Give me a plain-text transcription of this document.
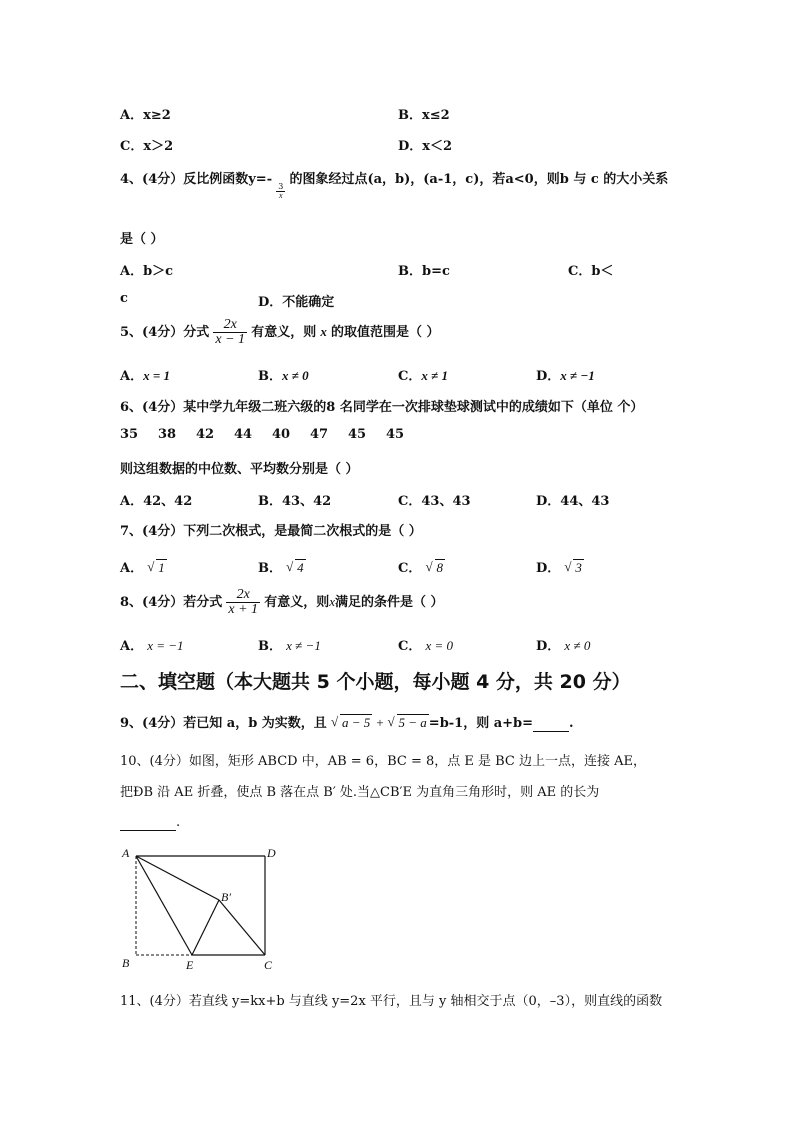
A．x≥2	B．x≤2
C．x＞2	D．x＜2
4、(4分）反比例函数y=-
$\frac{3}{x}$
的图象经过点(a，b)，(a-1，c)，若a<0，则b 与 c 的大小关系
是（ ）
A．b＞c	B．b=c	C．b＜
c	D．不能确定
5、(4分）分式 $\frac{2x}{x - 1}$ 有意义，则 x 的取值范围是（ ）
A．x = 1	B．x ≠ 0	C．x ≠ 1	D．x ≠ −1
6、(4分）某中学九年级二班六级的8 名同学在一次排球垫球测试中的成绩如下（单位 个）
35 38 42 44 40 47 45 45
则这组数据的中位数、平均数分别是（ ）
A．42、42	B．43、42	C．43、43	D．44、43
7、(4分）下列二次根式，是最简二次根式的是（ ）
A． √ 1	B． √ 4	C． √ 8	D． √ 3
8、(4分）若分式 $\frac{2x}{x + 1}$ 有意义，则x满足的条件是（ ）
A． x = −1	B． x ≠ −1	C． x = 0	D． x ≠ 0
二、填空题（本大题共 5 个小题，每小题 4 分，共 20 分）
9、(4分）若已知 a，b 为实数，且 √ a − 5 + √ 5 − a =b-1，则 a+b=	.
10、(4分）如图，矩形 ABCD 中，AB = 6，BC = 8，点 E 是 BC 边上一点，连接 AE，
把ÐB 沿 AE 折叠，使点 B 落在点 B′ 处.当△CB′E 为直角三角形时，则 AE 的长为
.
A	D
B′
B	E	C
11、(4分）若直线 y=kx+b 与直线 y=2x 平行，且与 y 轴相交于点（0，–3），则直线的函数
